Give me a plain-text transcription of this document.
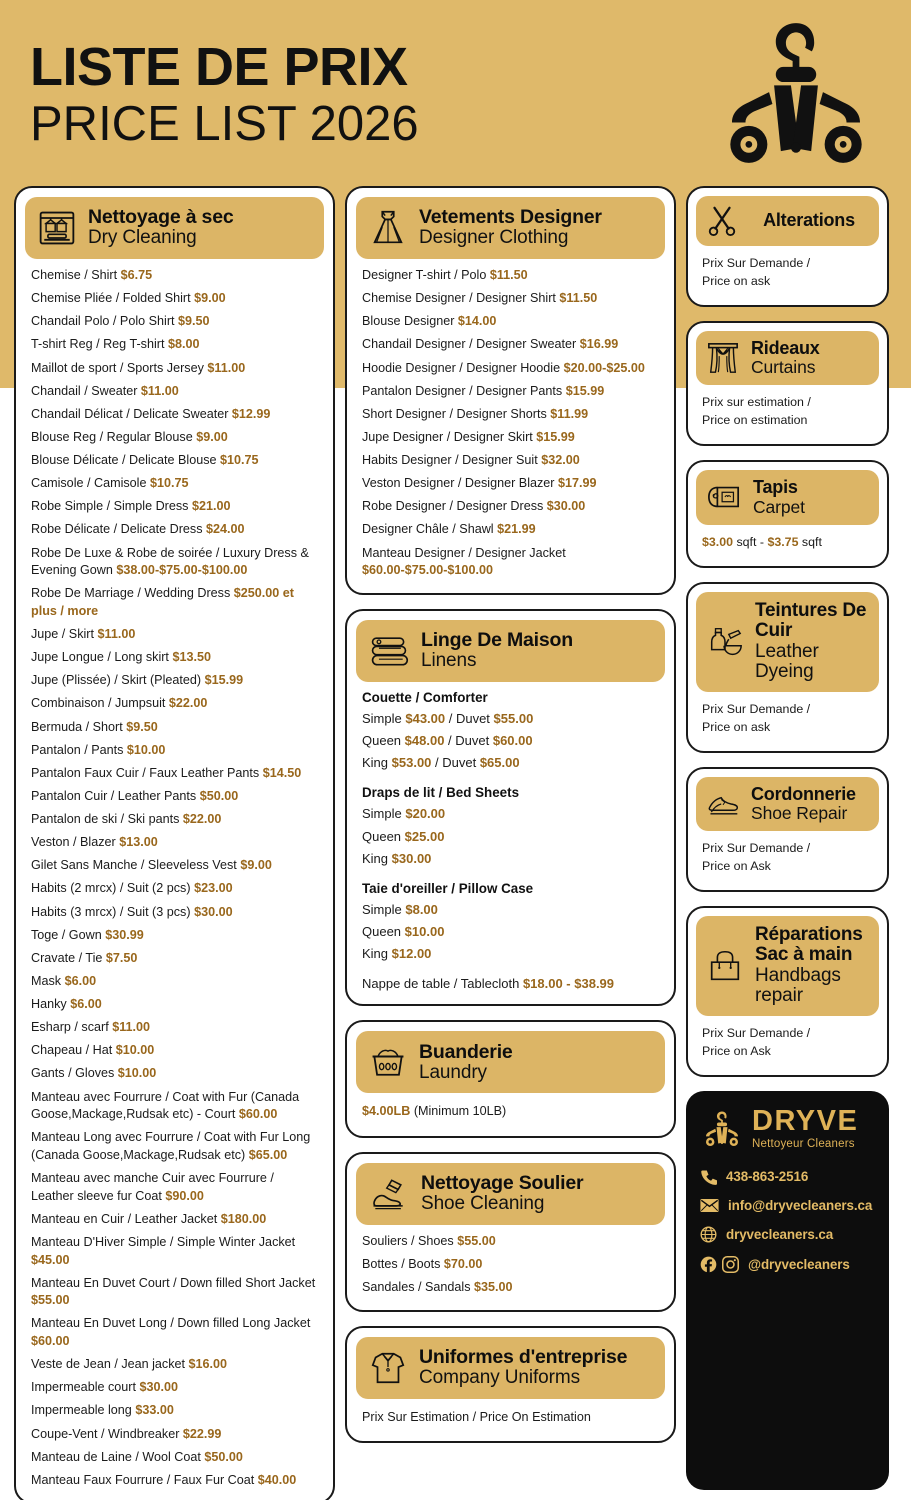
LISTE DE PRIX
PRICE LIST 2026
Nettoyage à sec
Dry Cleaning
Chemise / Shirt $6.75
Chemise Pliée / Folded Shirt $9.00
Chandail Polo / Polo Shirt $9.50
T-shirt Reg / Reg T-shirt $8.00
Maillot de sport / Sports Jersey $11.00
Chandail / Sweater $11.00
Chandail Délicat / Delicate Sweater $12.99
Blouse Reg / Regular Blouse $9.00
Blouse Délicate / Delicate Blouse $10.75
Camisole / Camisole $10.75
Robe Simple / Simple Dress $21.00
Robe Délicate / Delicate Dress $24.00
Robe De Luxe & Robe de soirée / Luxury Dress & Evening Gown $38.00-$75.00-$100.00
Robe De Marriage / Wedding Dress $250.00 et plus / more
Jupe / Skirt $11.00
Jupe Longue / Long skirt $13.50
Jupe (Plissée) / Skirt (Pleated) $15.99
Combinaison / Jumpsuit $22.00
Bermuda / Short $9.50
Pantalon / Pants $10.00
Pantalon Faux Cuir / Faux Leather Pants $14.50
Pantalon Cuir / Leather Pants $50.00
Pantalon de ski / Ski pants $22.00
Veston / Blazer $13.00
Gilet Sans Manche / Sleeveless Vest $9.00
Habits (2 mrcx) / Suit (2 pcs) $23.00
Habits (3 mrcx) / Suit (3 pcs) $30.00
Toge / Gown $30.99
Cravate / Tie $7.50
Mask $6.00
Hanky $6.00
Esharp / scarf $11.00
Chapeau / Hat $10.00
Gants / Gloves $10.00
Manteau avec Fourrure / Coat with Fur (Canada Goose,Mackage,Rudsak etc) - Court $60.00
Manteau Long avec Fourrure / Coat with Fur Long (Canada Goose,Mackage,Rudsak etc) $65.00
Manteau avec manche Cuir avec Fourrure / Leather sleeve fur Coat $90.00
Manteau en Cuir / Leather Jacket $180.00
Manteau D'Hiver Simple / Simple Winter Jacket $45.00
Manteau En Duvet Court / Down filled Short Jacket $55.00
Manteau En Duvet Long / Down filled Long Jacket $60.00
Veste de Jean / Jean jacket $16.00
Impermeable court $30.00
Impermeable long $33.00
Coupe-Vent / Windbreaker $22.99
Manteau de Laine / Wool Coat $50.00
Manteau Faux Fourrure / Faux Fur Coat $40.00
Vetements Designer
Designer Clothing
Designer T-shirt / Polo $11.50
Chemise Designer / Designer Shirt $11.50
Blouse Designer $14.00
Chandail Designer / Designer Sweater $16.99
Hoodie Designer / Designer Hoodie $20.00-$25.00
Pantalon Designer / Designer Pants $15.99
Short Designer / Designer Shorts $11.99
Jupe Designer / Designer Skirt $15.99
Habits Designer / Designer Suit $32.00
Veston Designer / Designer Blazer $17.99
Robe Designer / Designer Dress $30.00
Designer Châle / Shawl $21.99
Manteau Designer / Designer Jacket $60.00-$75.00-$100.00
Linge De Maison
Linens
Couette / Comforter
Simple $43.00 / Duvet $55.00
Queen $48.00 / Duvet $60.00
King $53.00 / Duvet $65.00
Draps de lit / Bed Sheets
Simple $20.00
Queen $25.00
King $30.00
Taie d'oreiller / Pillow Case
Simple $8.00
Queen $10.00
King $12.00
Nappe de table / Tablecloth $18.00 - $38.99
Buanderie
Laundry
$4.00LB (Minimum 10LB)
Nettoyage Soulier
Shoe Cleaning
Souliers / Shoes $55.00
Bottes / Boots $70.00
Sandales / Sandals $35.00
Uniformes d'entreprise
Company Uniforms
Prix Sur Estimation / Price On Estimation
Alterations
Prix Sur Demande /
Price on ask
Rideaux
Curtains
Prix sur estimation /
Price on estimation
Tapis
Carpet
$3.00 sqft - $3.75 sqft
Teintures De Cuir
Leather Dyeing
Prix Sur Demande /
Price on ask
Cordonnerie
Shoe Repair
Prix Sur Demande /
Price on Ask
Réparations Sac à main
Handbags repair
Prix Sur Demande /
Price on Ask
DRYVE
Nettoyeur Cleaners
438-863-2516
info@dryvecleaners.ca
dryvecleaners.ca
@dryvecleaners
